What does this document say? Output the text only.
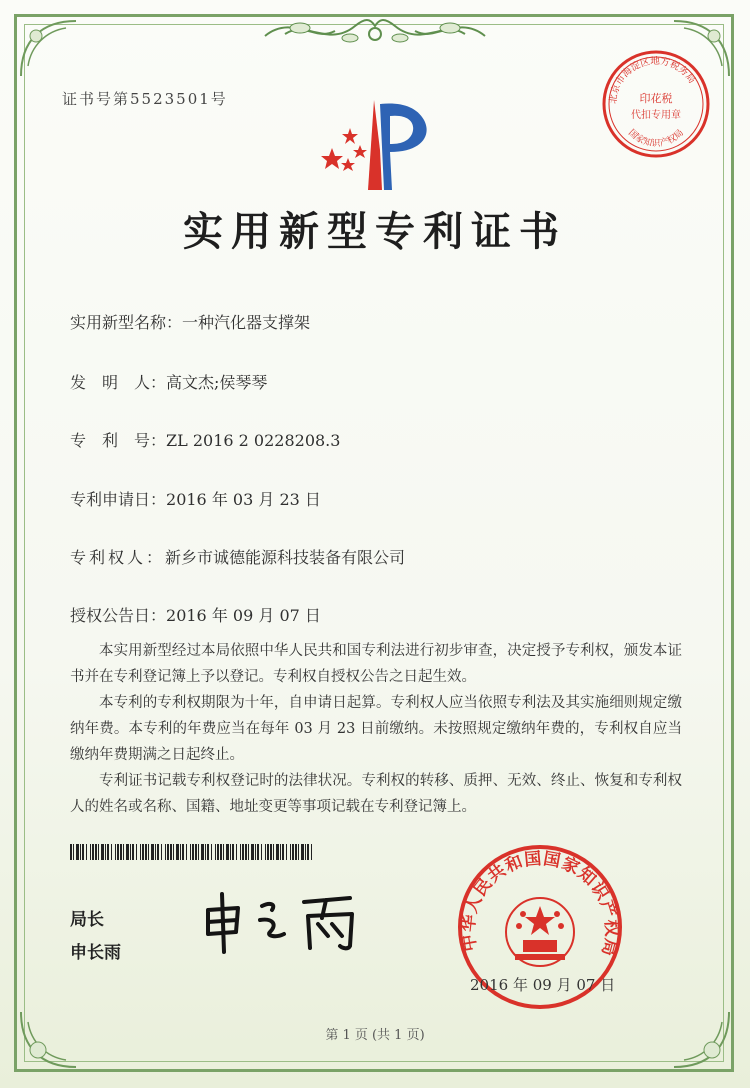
证书号第5523501号	北京市海淀区地方税务局
印花税
代扣专用章
国家知识产权局
实用新型专利证书
实用新型名称：一种汽化器支撑架
发　明　人：高文杰;侯琴琴
专　利　号：ZL 2016 2 0228208.3
专利申请日：2016 年 03 月 23 日
专利权人：新乡市诚德能源科技装备有限公司
授权公告日：2016 年 09 月 07 日
本实用新型经过本局依照中华人民共和国专利法进行初步审查，决定授予专利权，颁发本证书并在专利登记簿上予以登记。专利权自授权公告之日起生效。
本专利的专利权期限为十年，自申请日起算。专利权人应当依照专利法及其实施细则规定缴纳年费。本专利的年费应当在每年 03 月 23 日前缴纳。未按照规定缴纳年费的，专利权自应当缴纳年费期满之日起终止。
专利证书记载专利权登记时的法律状况。专利权的转移、质押、无效、终止、恢复和专利权人的姓名或名称、国籍、地址变更等事项记载在专利登记簿上。
局长
申长雨
中华人民共和国国家知识产权局
2016 年 09 月 07 日
第 1 页 (共 1 页)
